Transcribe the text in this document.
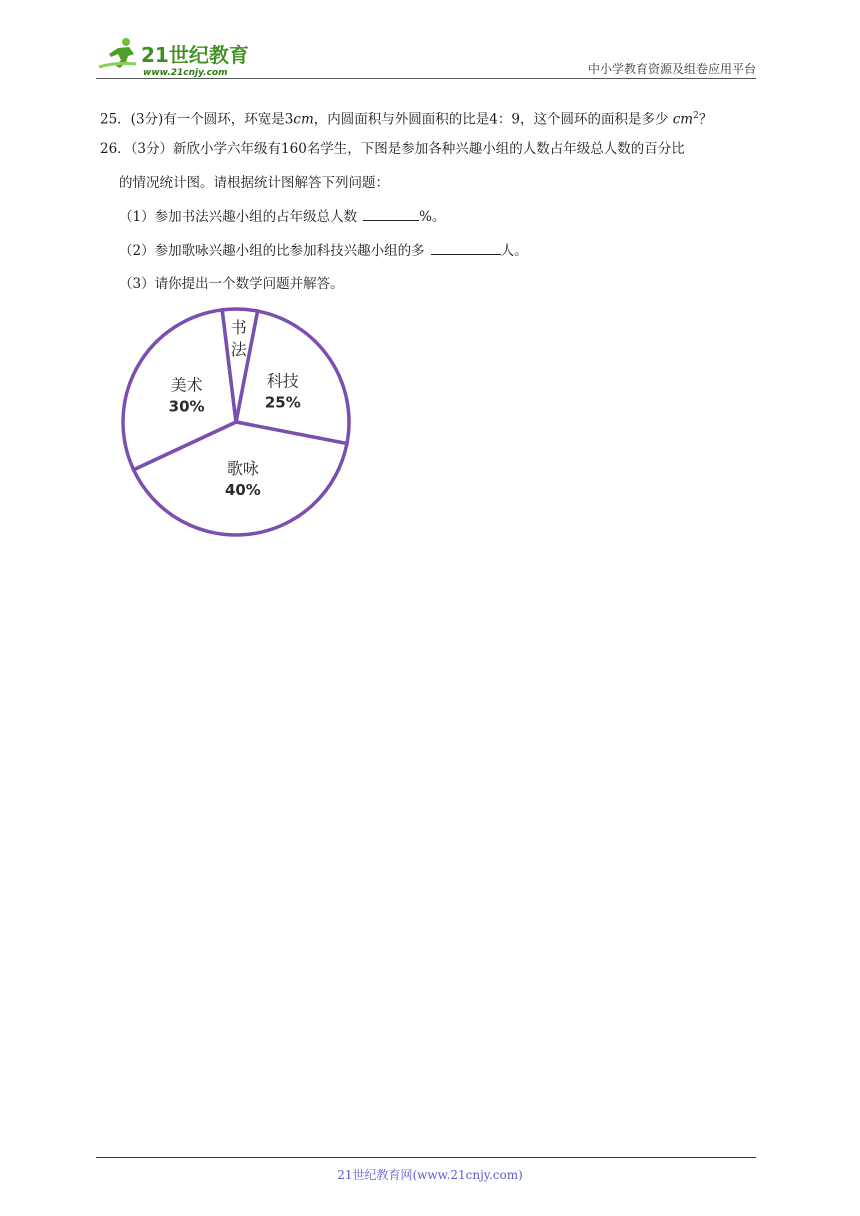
21世纪教育
www.21cnjy.com	中小学教育资源及组卷应用平台
25．(3分)有一个圆环，环宽是3cm，内圆面积与外圆面积的比是4：9，这个圆环的面积是多少 $cm^2$？
26．（3分）新欣小学六年级有160名学生，下图是参加各种兴趣小组的人数占年级总人数的百分比
的情况统计图。请根据统计图解答下列问题：
（1）参加书法兴趣小组的占年级总人数	%。
（2）参加歌咏兴趣小组的比参加科技兴趣小组的多	人。
（3）请你提出一个数学问题并解答。
科技
25%
歌咏
40%
美术
30%
书
法
21世纪教育网(www.21cnjy.com)
